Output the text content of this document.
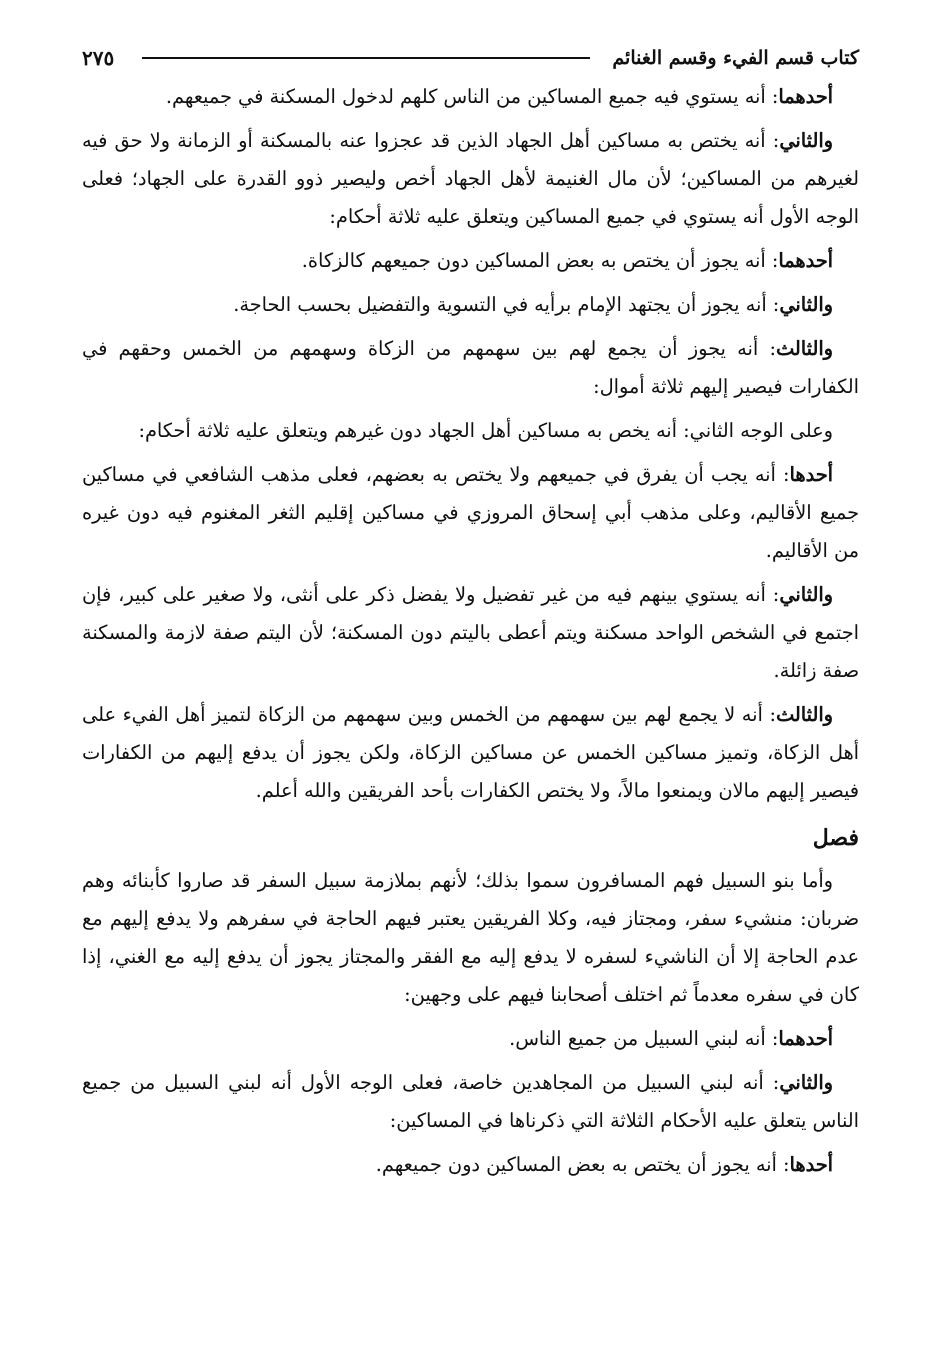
كتاب قسم الفيء وقسم الغنائم
٢٧٥

أحدهما: أنه يستوي فيه جميع المساكين من الناس كلهم لدخول المسكنة في جميعهم.

والثاني: أنه يختص به مساكين أهل الجهاد الذين قد عجزوا عنه بالمسكنة أو الزمانة ولا حق فيه لغيرهم من المساكين؛ لأن مال الغنيمة لأهل الجهاد أخص وليصير ذوو القدرة على الجهاد؛ فعلى الوجه الأول أنه يستوي في جميع المساكين ويتعلق عليه ثلاثة أحكام:

أحدهما: أنه يجوز أن يختص به بعض المساكين دون جميعهم كالزكاة.

والثاني: أنه يجوز أن يجتهد الإمام برأيه في التسوية والتفضيل بحسب الحاجة.

والثالث: أنه يجوز أن يجمع لهم بين سهمهم من الزكاة وسهمهم من الخمس وحقهم في الكفارات فيصير إليهم ثلاثة أموال:

وعلى الوجه الثاني: أنه يخص به مساكين أهل الجهاد دون غيرهم ويتعلق عليه ثلاثة أحكام:

أحدها: أنه يجب أن يفرق في جميعهم ولا يختص به بعضهم، فعلى مذهب الشافعي في مساكين جميع الأقاليم، وعلى مذهب أبي إسحاق المروزي في مساكين إقليم الثغر المغنوم فيه دون غيره من الأقاليم.

والثاني: أنه يستوي بينهم فيه من غير تفضيل ولا يفضل ذكر على أنثى، ولا صغير على كبير، فإن اجتمع في الشخص الواحد مسكنة ويتم أعطى باليتم دون المسكنة؛ لأن اليتم صفة لازمة والمسكنة صفة زائلة.

والثالث: أنه لا يجمع لهم بين سهمهم من الخمس وبين سهمهم من الزكاة لتميز أهل الفيء على أهل الزكاة، وتميز مساكين الخمس عن مساكين الزكاة، ولكن يجوز أن يدفع إليهم من الكفارات فيصير إليهم مالان ويمنعوا مالاً، ولا يختص الكفارات بأحد الفريقين والله أعلم.

فصل

وأما بنو السبيل فهم المسافرون سموا بذلك؛ لأنهم بملازمة سبيل السفر قد صاروا كأبنائه وهم ضربان: منشيء سفر، ومجتاز فيه، وكلا الفريقين يعتبر فيهم الحاجة في سفرهم ولا يدفع إليهم مع عدم الحاجة إلا أن الناشيء لسفره لا يدفع إليه مع الفقر والمجتاز يجوز أن يدفع إليه مع الغني، إذا كان في سفره معدماً ثم اختلف أصحابنا فيهم على وجهين:

أحدهما: أنه لبني السبيل من جميع الناس.

والثاني: أنه لبني السبيل من المجاهدين خاصة، فعلى الوجه الأول أنه لبني السبيل من جميع الناس يتعلق عليه الأحكام الثلاثة التي ذكرناها في المساكين:

أحدها: أنه يجوز أن يختص به بعض المساكين دون جميعهم.
